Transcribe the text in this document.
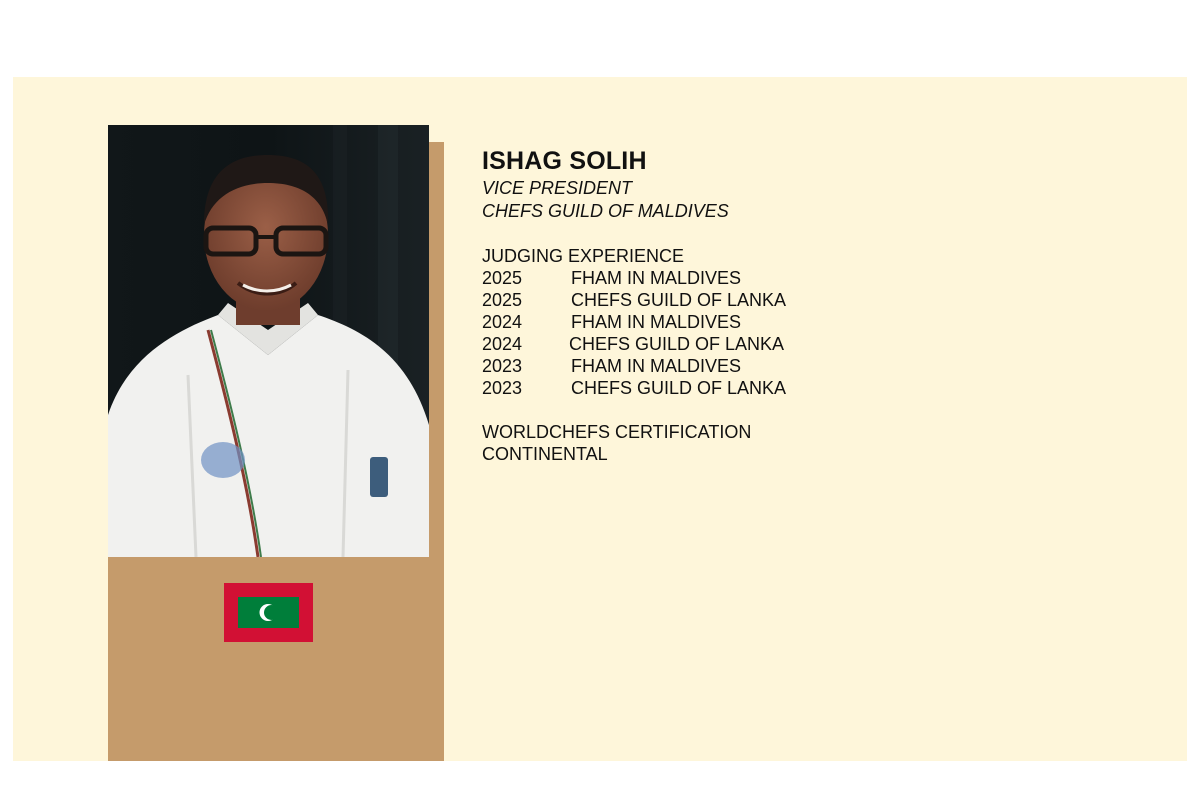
ISHAG SOLIH

VICE PRESIDENT

CHEFS GUILD OF MALDIVES

JUDGING EXPERIENCE

2025	FHAM IN MALDIVES
2025	CHEFS GUILD OF LANKA
2024	FHAM IN MALDIVES
2024	CHEFS GUILD OF LANKA
2023	FHAM IN MALDIVES
2023	CHEFS GUILD OF LANKA

WORLDCHEFS CERTIFICATION

CONTINENTAL
